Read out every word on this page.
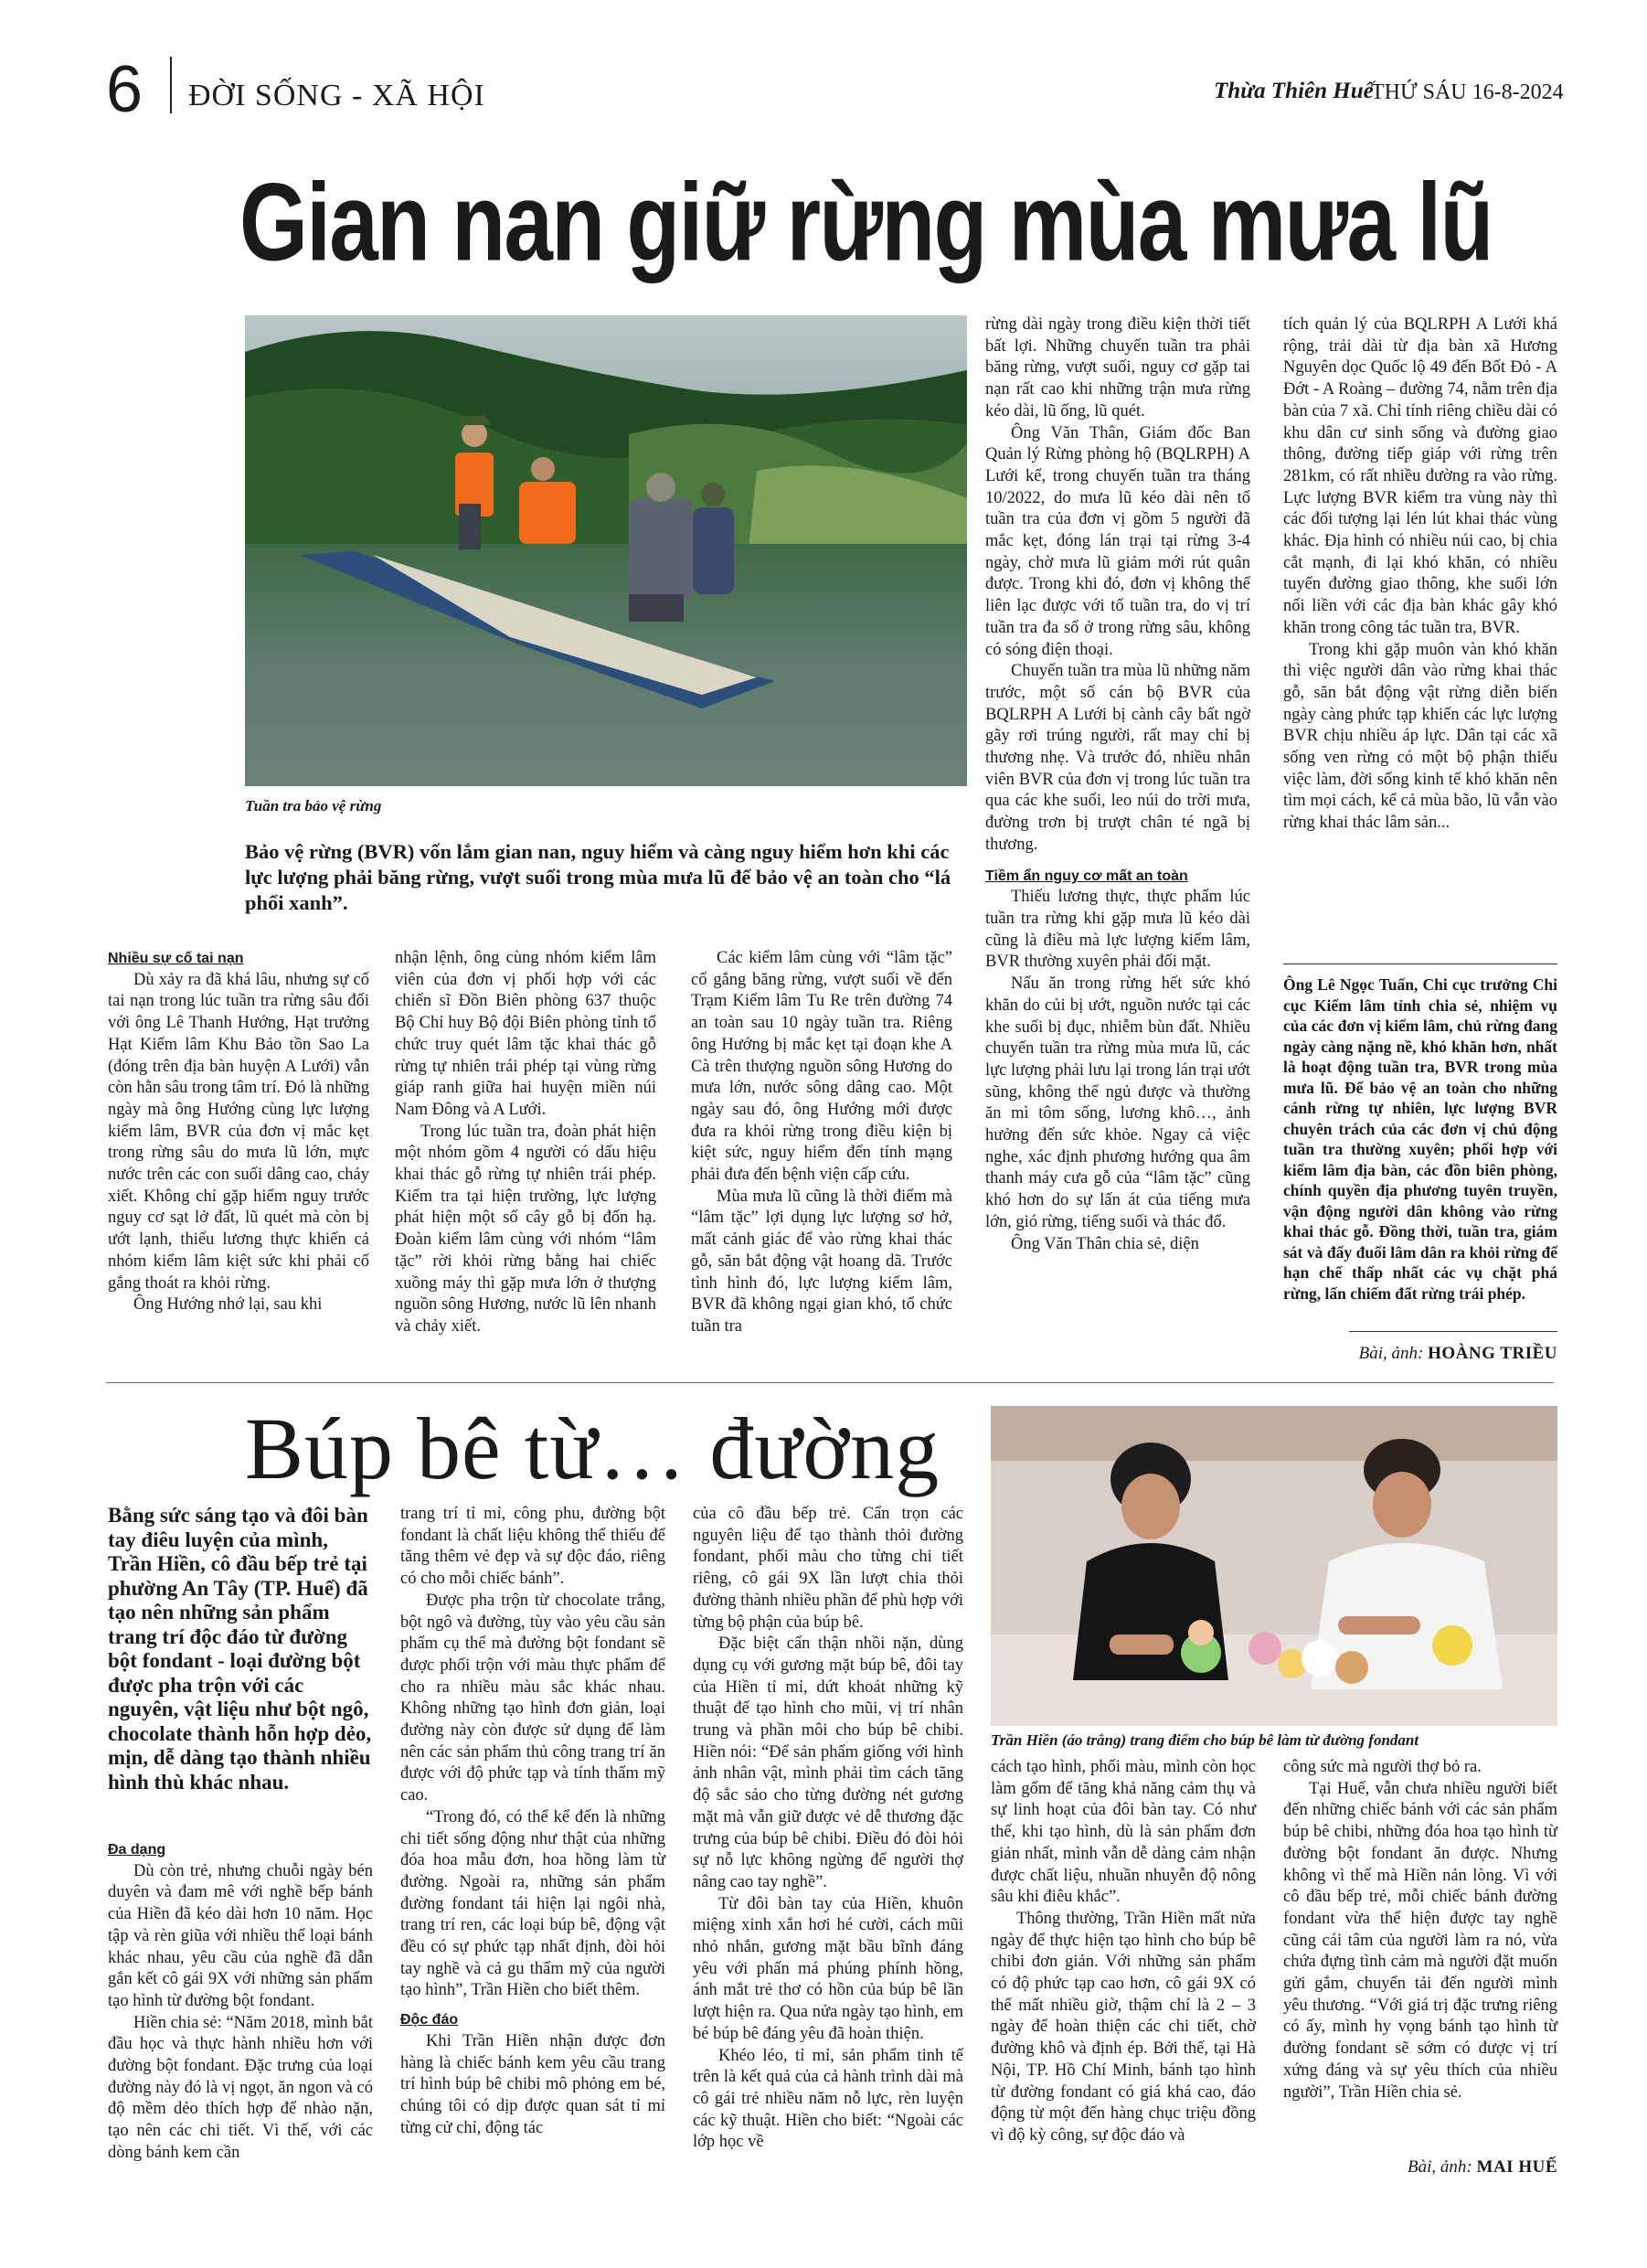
6 ĐỜI SỐNG - XÃ HỘI	Thừa Thiên Huế
THỨ SÁU 16-8-2024
Gian nan giữ rừng mùa mưa lũ
Tuần tra bảo vệ rừng
Bảo vệ rừng (BVR) vốn lắm gian nan, nguy hiểm và càng nguy hiểm hơn khi các lực lượng phải băng rừng, vượt suối trong mùa mưa lũ để bảo vệ an toàn cho “lá phổi xanh”.

Nhiều sự cố tai nạn

Dù xảy ra đã khá lâu, nhưng sự cố tai nạn trong lúc tuần tra rừng sâu đối với ông Lê Thanh Hướng, Hạt trưởng Hạt Kiểm lâm Khu Bảo tồn Sao La (đóng trên địa bàn huyện A Lưới) vẫn còn hằn sâu trong tâm trí. Đó là những ngày mà ông Hướng cùng lực lượng kiểm lâm, BVR của đơn vị mắc kẹt trong rừng sâu do mưa lũ lớn, mực nước trên các con suối dâng cao, chảy xiết. Không chỉ gặp hiểm nguy trước nguy cơ sạt lở đất, lũ quét mà còn bị ướt lạnh, thiếu lương thực khiến cả nhóm kiểm lâm kiệt sức khi phải cố gắng thoát ra khỏi rừng.

Ông Hướng nhớ lại, sau khi

nhận lệnh, ông cùng nhóm kiểm lâm viên của đơn vị phối hợp với các chiến sĩ Đồn Biên phòng 637 thuộc Bộ Chỉ huy Bộ đội Biên phòng tỉnh tổ chức truy quét lâm tặc khai thác gỗ rừng tự nhiên trái phép tại vùng rừng giáp ranh giữa hai huyện miền núi Nam Đông và A Lưới.

Trong lúc tuần tra, đoàn phát hiện một nhóm gồm 4 người có dấu hiệu khai thác gỗ rừng tự nhiên trái phép. Kiểm tra tại hiện trường, lực lượng phát hiện một số cây gỗ bị đốn hạ. Đoàn kiểm lâm cùng với nhóm “lâm tặc” rời khỏi rừng bằng hai chiếc xuồng máy thì gặp mưa lớn ở thượng nguồn sông Hương, nước lũ lên nhanh và chảy xiết.

Các kiểm lâm cùng với “lâm tặc” cố gắng băng rừng, vượt suối về đến Trạm Kiểm lâm Tu Re trên đường 74 an toàn sau 10 ngày tuần tra. Riêng ông Hướng bị mắc kẹt tại đoạn khe A Cà trên thượng nguồn sông Hương do mưa lớn, nước sông dâng cao. Một ngày sau đó, ông Hướng mới được đưa ra khỏi rừng trong điều kiện bị kiệt sức, nguy hiểm đến tính mạng phải đưa đến bệnh viện cấp cứu.

Mùa mưa lũ cũng là thời điểm mà “lâm tặc” lợi dụng lực lượng sơ hở, mất cảnh giác để vào rừng khai thác gỗ, săn bắt động vật hoang dã. Trước tình hình đó, lực lượng kiểm lâm, BVR đã không ngại gian khó, tổ chức tuần tra

rừng dài ngày trong điều kiện thời tiết bất lợi. Những chuyến tuần tra phải băng rừng, vượt suối, nguy cơ gặp tai nạn rất cao khi những trận mưa rừng kéo dài, lũ ống, lũ quét.

Ông Văn Thân, Giám đốc Ban Quản lý Rừng phòng hộ (BQLRPH) A Lưới kể, trong chuyến tuần tra tháng 10/2022, do mưa lũ kéo dài nên tổ tuần tra của đơn vị gồm 5 người đã mắc kẹt, đóng lán trại tại rừng 3-4 ngày, chờ mưa lũ giảm mới rút quân được. Trong khi đó, đơn vị không thể liên lạc được với tổ tuần tra, do vị trí tuần tra đa số ở trong rừng sâu, không có sóng điện thoại.

Chuyến tuần tra mùa lũ những năm trước, một số cán bộ BVR của BQLRPH A Lưới bị cành cây bất ngờ gãy rơi trúng người, rất may chỉ bị thương nhẹ. Và trước đó, nhiều nhân viên BVR của đơn vị trong lúc tuần tra qua các khe suối, leo núi do trời mưa, đường trơn bị trượt chân té ngã bị thương.

Tiềm ẩn nguy cơ mất an toàn

Thiếu lương thực, thực phẩm lúc tuần tra rừng khi gặp mưa lũ kéo dài cũng là điều mà lực lượng kiểm lâm, BVR thường xuyên phải đối mặt.

Nấu ăn trong rừng hết sức khó khăn do củi bị ướt, nguồn nước tại các khe suối bị đục, nhiễm bùn đất. Nhiều chuyến tuần tra rừng mùa mưa lũ, các lực lượng phải lưu lại trong lán trại ướt sũng, không thể ngủ được và thường ăn mì tôm sống, lương khô…, ảnh hưởng đến sức khỏe. Ngay cả việc nghe, xác định phương hướng qua âm thanh máy cưa gỗ của “lâm tặc” cũng khó hơn do sự lấn át của tiếng mưa lớn, gió rừng, tiếng suối và thác đổ.

Ông Văn Thân chia sẻ, diện

tích quản lý của BQLRPH A Lưới khá rộng, trải dài từ địa bàn xã Hương Nguyên dọc Quốc lộ 49 đến Bốt Đỏ - A Đớt - A Roàng – đường 74, nằm trên địa bàn của 7 xã. Chỉ tính riêng chiều dài có khu dân cư sinh sống và đường giao thông, đường tiếp giáp với rừng trên 281km, có rất nhiều đường ra vào rừng. Lực lượng BVR kiểm tra vùng này thì các đối tượng lại lén lút khai thác vùng khác. Địa hình có nhiều núi cao, bị chia cắt mạnh, đi lại khó khăn, có nhiều tuyến đường giao thông, khe suối lớn nối liền với các địa bàn khác gây khó khăn trong công tác tuần tra, BVR.

Trong khi gặp muôn vàn khó khăn thì việc người dân vào rừng khai thác gỗ, săn bắt động vật rừng diễn biến ngày càng phức tạp khiến các lực lượng BVR chịu nhiều áp lực. Dân tại các xã sống ven rừng có một bộ phận thiếu việc làm, đời sống kinh tế khó khăn nên tìm mọi cách, kể cả mùa bão, lũ vẫn vào rừng khai thác lâm sản...

Ông Lê Ngọc Tuấn, Chi cục trưởng Chi cục Kiểm lâm tỉnh chia sẻ, nhiệm vụ của các đơn vị kiểm lâm, chủ rừng đang ngày càng nặng nề, khó khăn hơn, nhất là hoạt động tuần tra, BVR trong mùa mưa lũ. Để bảo vệ an toàn cho những cánh rừng tự nhiên, lực lượng BVR chuyên trách của các đơn vị chủ động tuần tra thường xuyên; phối hợp với kiểm lâm địa bàn, các đồn biên phòng, chính quyền địa phương tuyên truyền, vận động người dân không vào rừng khai thác gỗ. Đồng thời, tuần tra, giám sát và đẩy đuổi lâm dân ra khỏi rừng để hạn chế thấp nhất các vụ chặt phá rừng, lấn chiếm đất rừng trái phép.
Bài, ảnh: HOÀNG TRIỀU
Búp bê từ… đường
Trần Hiền (áo trắng) trang điểm cho búp bê làm từ đường fondant
Bằng sức sáng tạo và đôi bàn tay điêu luyện của mình, Trần Hiền, cô đầu bếp trẻ tại phường An Tây (TP. Huế) đã tạo nên những sản phẩm trang trí độc đáo từ đường bột fondant - loại đường bột được pha trộn với các nguyên, vật liệu như bột ngô, chocolate thành hỗn hợp dẻo, mịn, dễ dàng tạo thành nhiều hình thù khác nhau.

Đa dạng

Dù còn trẻ, nhưng chuỗi ngày bén duyên và đam mê với nghề bếp bánh của Hiền đã kéo dài hơn 10 năm. Học tập và rèn giũa với nhiều thể loại bánh khác nhau, yêu cầu của nghề đã dẫn gắn kết cô gái 9X với những sản phẩm tạo hình từ đường bột fondant.

Hiền chia sẻ: “Năm 2018, mình bắt đầu học và thực hành nhiều hơn với đường bột fondant. Đặc trưng của loại đường này đó là vị ngọt, ăn ngon và có độ mềm dẻo thích hợp để nhào nặn, tạo nên các chi tiết. Vì thế, với các dòng bánh kem cần

trang trí tỉ mỉ, công phu, đường bột fondant là chất liệu không thể thiếu để tăng thêm vẻ đẹp và sự độc đáo, riêng có cho mỗi chiếc bánh”.

Được pha trộn từ chocolate trắng, bột ngô và đường, tùy vào yêu cầu sản phẩm cụ thể mà đường bột fondant sẽ được phối trộn với màu thực phẩm để cho ra nhiều màu sắc khác nhau. Không những tạo hình đơn giản, loại đường này còn được sử dụng để làm nên các sản phẩm thủ công trang trí ăn được với độ phức tạp và tính thẩm mỹ cao.

“Trong đó, có thể kể đến là những chi tiết sống động như thật của những đóa hoa mẫu đơn, hoa hồng làm từ đường. Ngoài ra, những sản phẩm đường fondant tái hiện lại ngôi nhà, trang trí ren, các loại búp bê, động vật đều có sự phức tạp nhất định, đòi hỏi tay nghề và cả gu thẩm mỹ của người tạo hình”, Trần Hiền cho biết thêm.

Độc đáo

Khi Trần Hiền nhận được đơn hàng là chiếc bánh kem yêu cầu trang trí hình búp bê chibi mô phỏng em bé, chúng tôi có dịp được quan sát tỉ mỉ từng cử chỉ, động tác

của cô đầu bếp trẻ. Cẩn trọn các nguyên liệu để tạo thành thỏi đường fondant, phối màu cho từng chi tiết riêng, cô gái 9X lần lượt chia thỏi đường thành nhiều phần để phù hợp với từng bộ phận của búp bê.

Đặc biệt cẩn thận nhồi nặn, dùng dụng cụ với gương mặt búp bê, đôi tay của Hiền tỉ mỉ, dứt khoát những kỹ thuật để tạo hình cho mũi, vị trí nhân trung và phần môi cho búp bê chibi. Hiền nói: “Để sản phẩm giống với hình ảnh nhân vật, mình phải tìm cách tăng độ sắc sảo cho từng đường nét gương mặt mà vẫn giữ được vẻ dễ thương đặc trưng của búp bê chibi. Điều đó đòi hỏi sự nỗ lực không ngừng để người thợ nâng cao tay nghề”.

Từ đôi bàn tay của Hiền, khuôn miệng xinh xắn hơi hé cười, cách mũi nhỏ nhắn, gương mặt bầu bĩnh đáng yêu với phấn má phúng phính hồng, ánh mắt trẻ thơ có hồn của búp bê lần lượt hiện ra. Qua nửa ngày tạo hình, em bé búp bê đáng yêu đã hoàn thiện.

Khéo léo, tỉ mỉ, sản phẩm tinh tế trên là kết quả của cả hành trình dài mà cô gái trẻ nhiều năm nỗ lực, rèn luyện các kỹ thuật. Hiền cho biết: “Ngoài các lớp học về

cách tạo hình, phối màu, mình còn học làm gốm để tăng khả năng cảm thụ và sự linh hoạt của đôi bàn tay. Có như thế, khi tạo hình, dù là sản phẩm đơn giản nhất, mình vẫn dễ dàng cảm nhận được chất liệu, nhuần nhuyễn độ nông sâu khi điêu khắc”.

Thông thường, Trần Hiền mất nửa ngày để thực hiện tạo hình cho búp bê chibi đơn giản. Với những sản phẩm có độ phức tạp cao hơn, cô gái 9X có thể mất nhiều giờ, thậm chí là 2 – 3 ngày để hoàn thiện các chi tiết, chờ đường khô và định ép. Bởi thế, tại Hà Nội, TP. Hồ Chí Minh, bánh tạo hình từ đường fondant có giá khá cao, đáo động từ một đến hàng chục triệu đồng vì độ kỳ công, sự độc đáo và

công sức mà người thợ bỏ ra.

Tại Huế, vẫn chưa nhiều người biết đến những chiếc bánh với các sản phẩm búp bê chibi, những đóa hoa tạo hình từ đường bột fondant ăn được. Nhưng không vì thế mà Hiền nản lòng. Vì với cô đầu bếp trẻ, mỗi chiếc bánh đường fondant vừa thể hiện được tay nghề cũng cái tâm của người làm ra nó, vừa chứa đựng tình cảm mà người đặt muốn gửi gắm, chuyển tải đến người mình yêu thương. “Với giá trị đặc trưng riêng có ấy, mình hy vọng bánh tạo hình từ đường fondant sẽ sớm có được vị trí xứng đáng và sự yêu thích của nhiều người”, Trần Hiền chia sẻ.

Bài, ảnh: MAI HUẾ
